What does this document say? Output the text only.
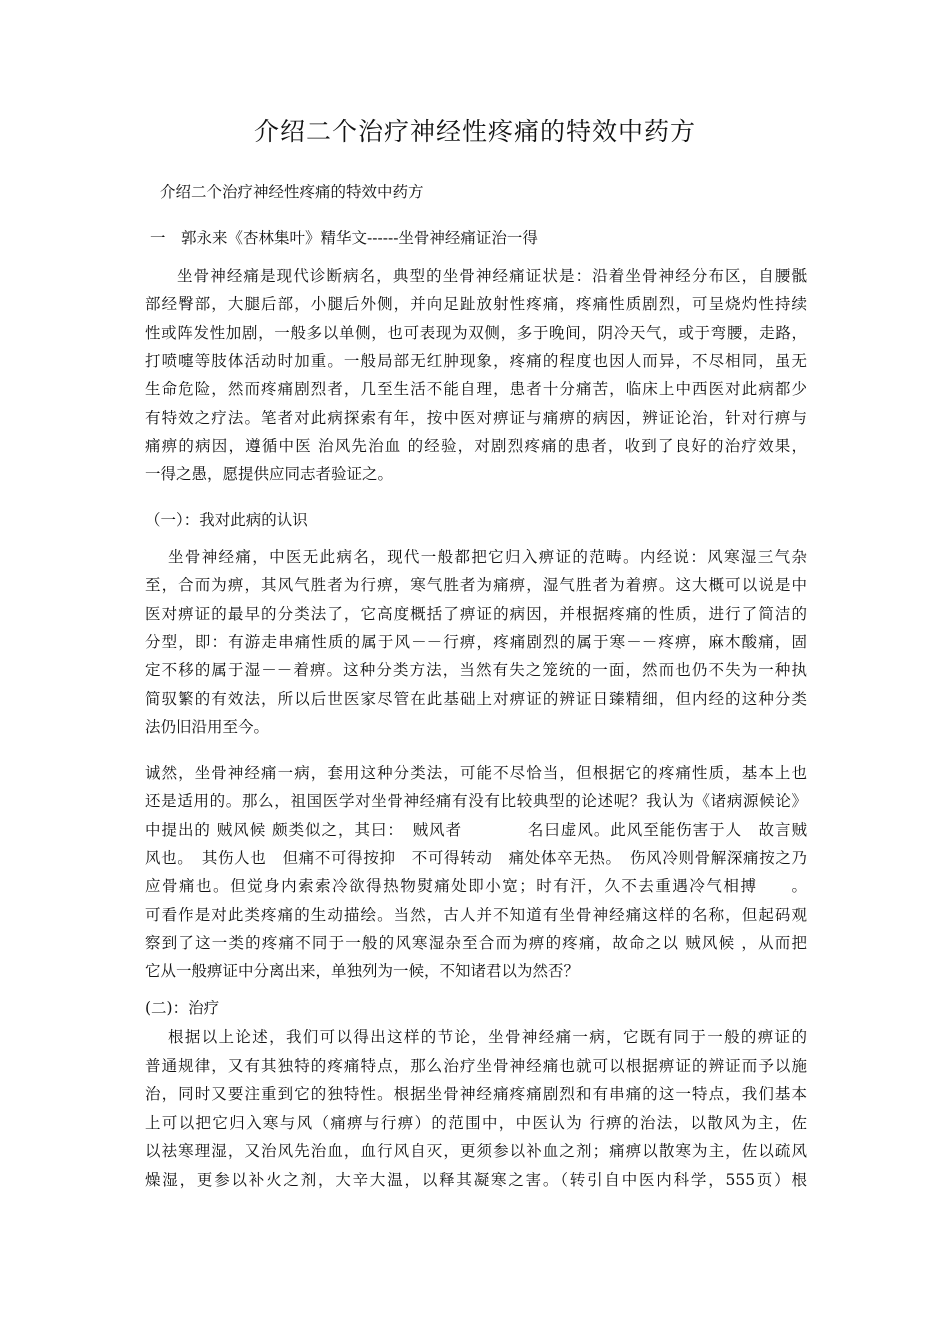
介绍二个治疗神经性疼痛的特效中药方
介绍二个治疗神经性疼痛的特效中药方
一　郭永来《杏林集叶》精华文------坐骨神经痛证治一得
坐骨神经痛是现代诊断病名，典型的坐骨神经痛证状是：沿着坐骨神经分布区，自腰骶
部经臀部，大腿后部，小腿后外侧，并向足趾放射性疼痛，疼痛性质剧烈，可呈烧灼性持续
性或阵发性加剧，一般多以单侧，也可表现为双侧，多于晚间，阴冷天气，或于弯腰，走路，
打喷嚏等肢体活动时加重。一般局部无红肿现象，疼痛的程度也因人而异，不尽相同，虽无
生命危险，然而疼痛剧烈者，几至生活不能自理，患者十分痛苦，临床上中西医对此病都少
有特效之疗法。笔者对此病探索有年，按中医对痹证与痛痹的病因，辨证论治，针对行痹与
痛痹的病因，遵循中医 治风先治血 的经验，对剧烈疼痛的患者，收到了良好的治疗效果，
一得之愚，愿提供应同志者验证之。
（一）：我对此病的认识
坐骨神经痛，中医无此病名，现代一般都把它归入痹证的范畴。内经说：风寒湿三气杂
至，合而为痹，其风气胜者为行痹，寒气胜者为痛痹，湿气胜者为着痹。这大概可以说是中
医对痹证的最早的分类法了，它高度概括了痹证的病因，并根据疼痛的性质，进行了简洁的
分型，即：有游走串痛性质的属于风－－行痹，疼痛剧烈的属于寒－－疼痹，麻木酸痛，固
定不移的属于湿－－着痹。这种分类方法，当然有失之笼统的一面，然而也仍不失为一种执
简驭繁的有效法，所以后世医家尽管在此基础上对痹证的辨证日臻精细，但内经的这种分类
法仍旧沿用至今。
诚然，坐骨神经痛一病，套用这种分类法，可能不尽恰当，但根据它的疼痛性质，基本上也
还是适用的。那么，祖国医学对坐骨神经痛有没有比较典型的论述呢？我认为《诸病源候论》
中提出的 贼风候 颇类似之，其曰：　贼风者　　　　名曰虚风。此风至能伤害于人　故言贼
风也。　其伤人也　但痛不可得按抑　不可得转动　痛处体卒无热。　伤风冷则骨解深痛按之乃
应骨痛也。但觉身内索索冷欲得热物熨痛处即小宽；时有汗，久不去重遇冷气相搏　　。
可看作是对此类疼痛的生动描绘。当然，古人并不知道有坐骨神经痛这样的名称，但起码观
察到了这一类的疼痛不同于一般的风寒湿杂至合而为痹的疼痛，故命之以 贼风候 ，从而把
它从一般痹证中分离出来，单独列为一候，不知诸君以为然否？
(二)：治疗
根据以上论述，我们可以得出这样的节论，坐骨神经痛一病，它既有同于一般的痹证的
普通规律，又有其独特的疼痛特点，那么治疗坐骨神经痛也就可以根据痹证的辨证而予以施
治，同时又要注重到它的独特性。根据坐骨神经痛疼痛剧烈和有串痛的这一特点，我们基本
上可以把它归入寒与风（痛痹与行痹）的范围中，中医认为 行痹的治法，以散风为主，佐
以祛寒理湿，又治风先治血，血行风自灭，更须参以补血之剂；痛痹以散寒为主，佐以疏风
燥湿，更参以补火之剂，大辛大温，以释其凝寒之害。（转引自中医内科学，555页）根
